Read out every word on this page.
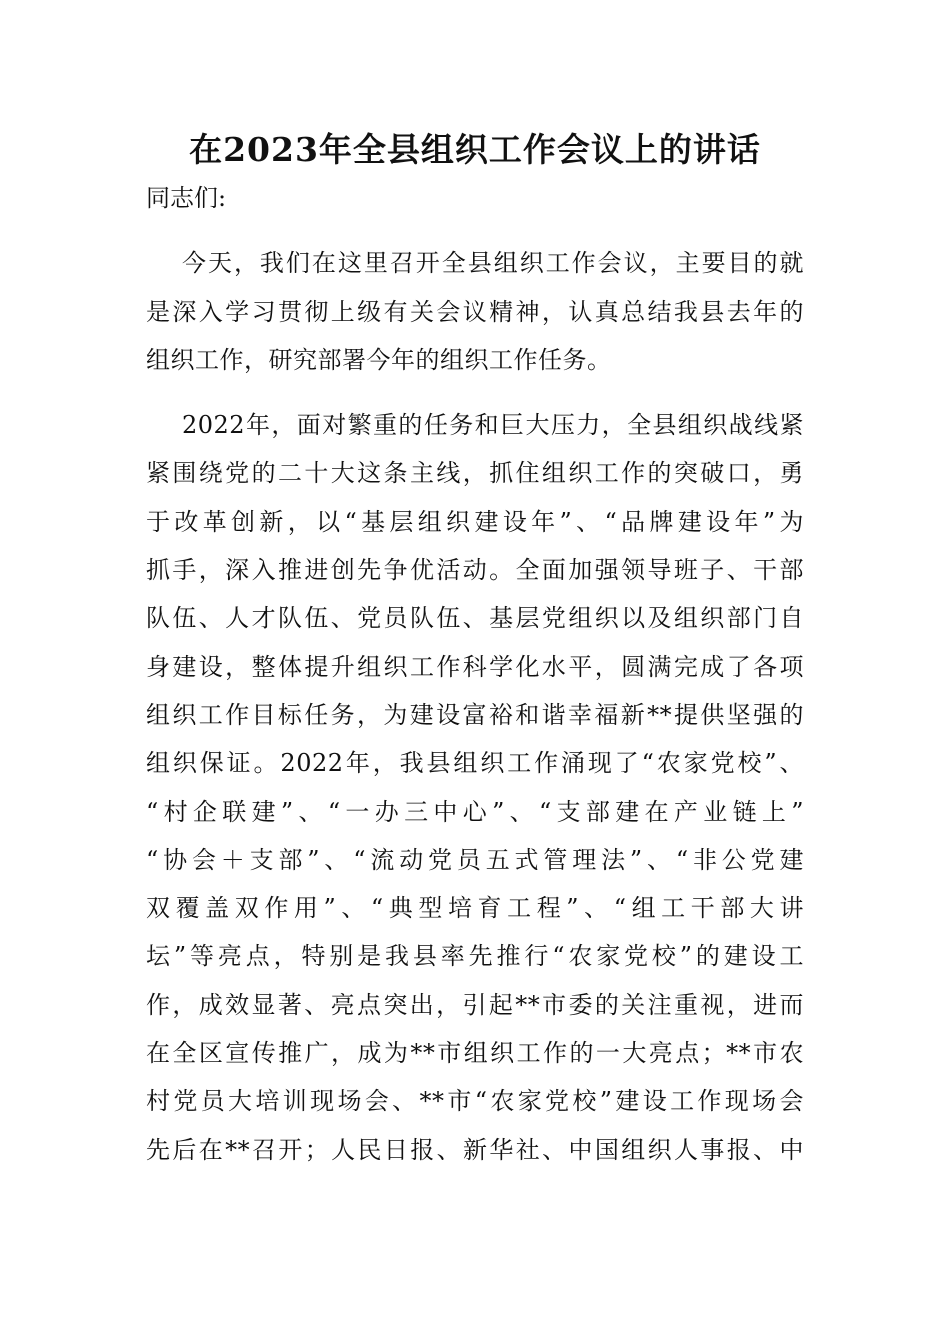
在2023年全县组织工作会议上的讲话
同志们:
今天，我们在这里召开全县组织工作会议，主要目的就
是深入学习贯彻上级有关会议精神，认真总结我县去年的
组织工作，研究部署今年的组织工作任务。
2022年，面对繁重的任务和巨大压力，全县组织战线紧
紧围绕党的二十大这条主线，抓住组织工作的突破口，勇
于改革创新，以“基层组织建设年”、“品牌建设年”为
抓手，深入推进创先争优活动。全面加强领导班子、干部
队伍、人才队伍、党员队伍、基层党组织以及组织部门自
身建设，整体提升组织工作科学化水平，圆满完成了各项
组织工作目标任务，为建设富裕和谐幸福新**提供坚强的
组织保证。2022年，我县组织工作涌现了“农家党校”、
“村企联建”、“一办三中心”、“支部建在产业链上”
“协会＋支部”、“流动党员五式管理法”、“非公党建
双覆盖双作用”、“典型培育工程”、“组工干部大讲
坛”等亮点，特别是我县率先推行“农家党校”的建设工
作，成效显著、亮点突出，引起**市委的关注重视，进而
在全区宣传推广，成为**市组织工作的一大亮点；**市农
村党员大培训现场会、**市“农家党校”建设工作现场会
先后在**召开；人民日报、新华社、中国组织人事报、中
